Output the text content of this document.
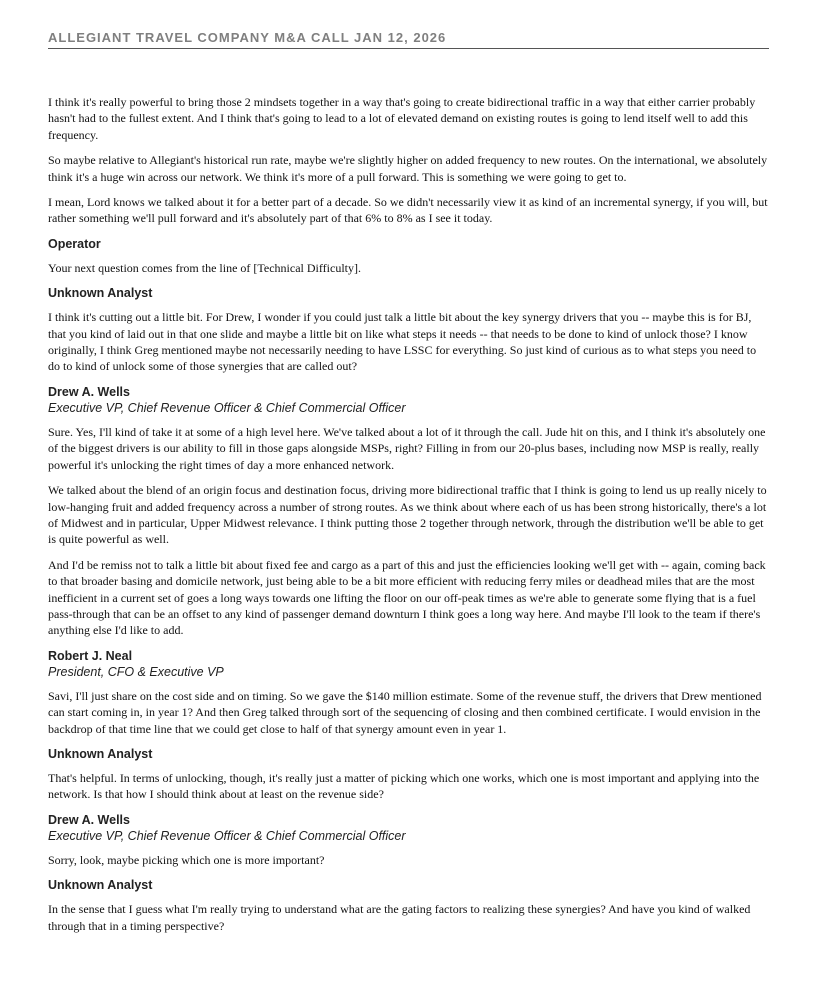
ALLEGIANT TRAVEL COMPANY M&A CALL JAN 12, 2026

I think it's really powerful to bring those 2 mindsets together in a way that's going to create bidirectional traffic in a way that either carrier probably hasn't had to the fullest extent. And I think that's going to lead to a lot of elevated demand on existing routes is going to lend itself well to add this frequency.

So maybe relative to Allegiant's historical run rate, maybe we're slightly higher on added frequency to new routes. On the international, we absolutely think it's a huge win across our network. We think it's more of a pull forward. This is something we were going to get to.

I mean, Lord knows we talked about it for a better part of a decade. So we didn't necessarily view it as kind of an incremental synergy, if you will, but rather something we'll pull forward and it's absolutely part of that 6% to 8% as I see it today.

Operator

Your next question comes from the line of [Technical Difficulty].

Unknown Analyst

I think it's cutting out a little bit. For Drew, I wonder if you could just talk a little bit about the key synergy drivers that you -- maybe this is for BJ, that you kind of laid out in that one slide and maybe a little bit on like what steps it needs -- that needs to be done to kind of unlock those? I know originally, I think Greg mentioned maybe not necessarily needing to have LSSC for everything. So just kind of curious as to what steps you need to do to kind of unlock some of those synergies that are called out?

Drew A. Wells
Executive VP, Chief Revenue Officer & Chief Commercial Officer

Sure. Yes, I'll kind of take it at some of a high level here. We've talked about a lot of it through the call. Jude hit on this, and I think it's absolutely one of the biggest drivers is our ability to fill in those gaps alongside MSPs, right? Filling in from our 20-plus bases, including now MSP is really, really powerful it's unlocking the right times of day a more enhanced network.

We talked about the blend of an origin focus and destination focus, driving more bidirectional traffic that I think is going to lend us up really nicely to low-hanging fruit and added frequency across a number of strong routes. As we think about where each of us has been strong historically, there's a lot of Midwest and in particular, Upper Midwest relevance. I think putting those 2 together through network, through the distribution we'll be able to get is quite powerful as well.

And I'd be remiss not to talk a little bit about fixed fee and cargo as a part of this and just the efficiencies looking we'll get with -- again, coming back to that broader basing and domicile network, just being able to be a bit more efficient with reducing ferry miles or deadhead miles that are the most inefficient in a current set of goes a long ways towards one lifting the floor on our off-peak times as we're able to generate some flying that is a fuel pass-through that can be an offset to any kind of passenger demand downturn I think goes a long way here. And maybe I'll look to the team if there's anything else I'd like to add.

Robert J. Neal
President, CFO & Executive VP

Savi, I'll just share on the cost side and on timing. So we gave the $140 million estimate. Some of the revenue stuff, the drivers that Drew mentioned can start coming in, in year 1? And then Greg talked through sort of the sequencing of closing and then combined certificate. I would envision in the backdrop of that time line that we could get close to half of that synergy amount even in year 1.

Unknown Analyst

That's helpful. In terms of unlocking, though, it's really just a matter of picking which one works, which one is most important and applying into the network. Is that how I should think about at least on the revenue side?

Drew A. Wells
Executive VP, Chief Revenue Officer & Chief Commercial Officer

Sorry, look, maybe picking which one is more important?

Unknown Analyst

In the sense that I guess what I'm really trying to understand what are the gating factors to realizing these synergies? And have you kind of walked through that in a timing perspective?
